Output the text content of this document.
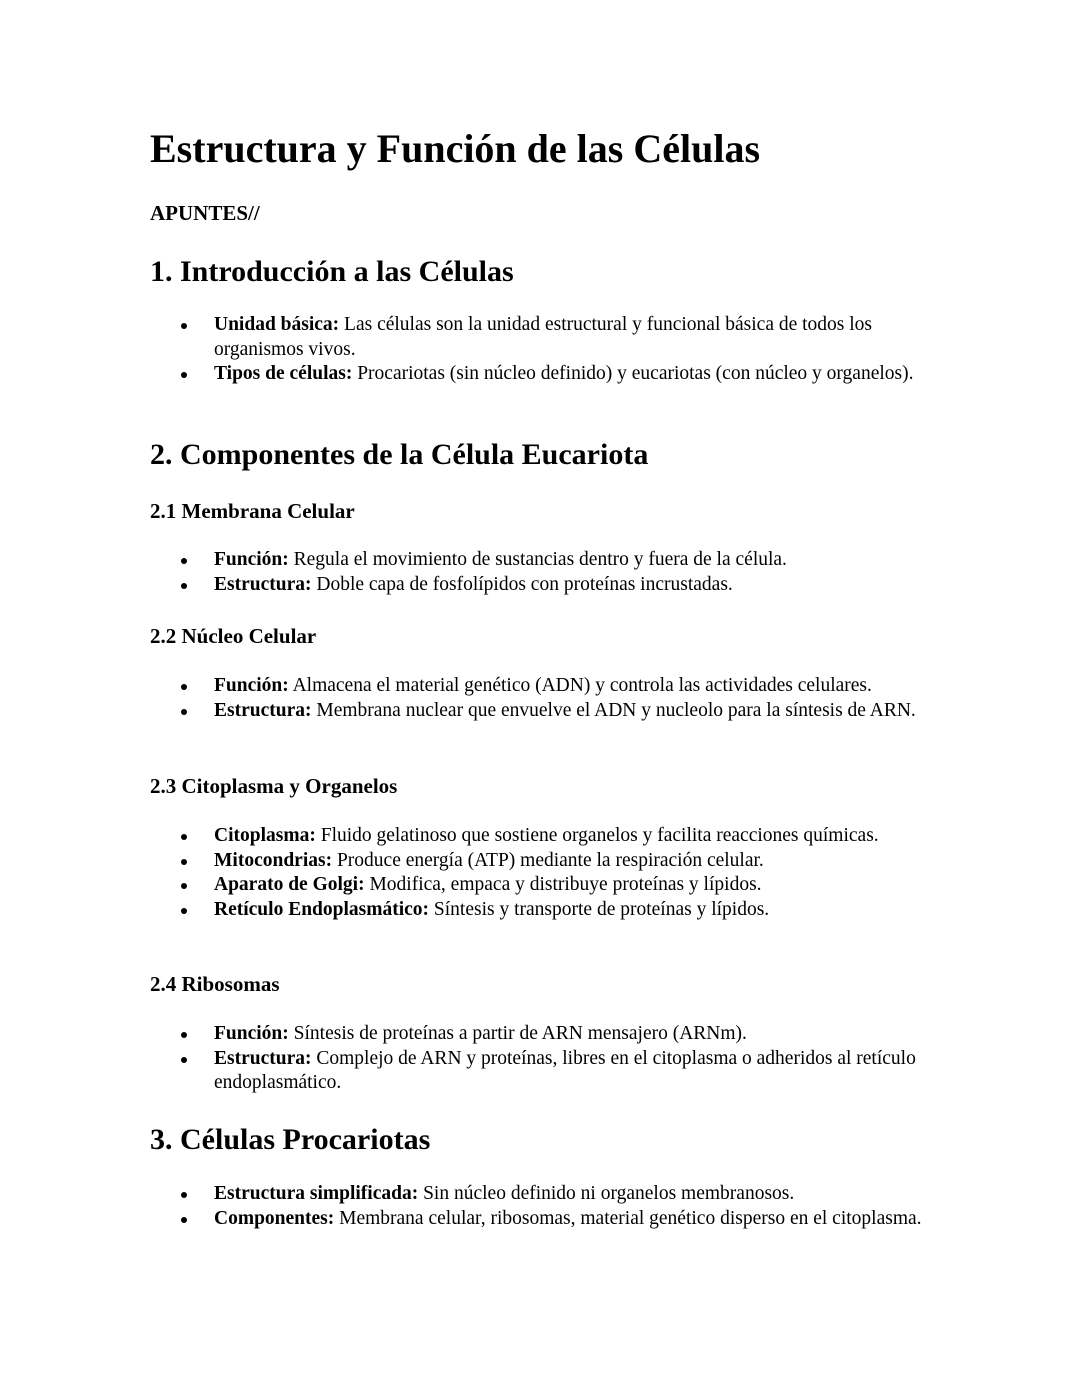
Estructura y Función de las Células

APUNTES//

1. Introducción a las Células
Unidad básica: Las células son la unidad estructural y funcional básica de todos los organismos vivos.
Tipos de células: Procariotas (sin núcleo definido) y eucariotas (con núcleo y organelos).
2. Componentes de la Célula Eucariota
2.1 Membrana Celular
Función: Regula el movimiento de sustancias dentro y fuera de la célula.
Estructura: Doble capa de fosfolípidos con proteínas incrustadas.
2.2 Núcleo Celular
Función: Almacena el material genético (ADN) y controla las actividades celulares.
Estructura: Membrana nuclear que envuelve el ADN y nucleolo para la síntesis de ARN.
2.3 Citoplasma y Organelos
Citoplasma: Fluido gelatinoso que sostiene organelos y facilita reacciones químicas.
Mitocondrias: Produce energía (ATP) mediante la respiración celular.
Aparato de Golgi: Modifica, empaca y distribuye proteínas y lípidos.
Retículo Endoplasmático: Síntesis y transporte de proteínas y lípidos.
2.4 Ribosomas
Función: Síntesis de proteínas a partir de ARN mensajero (ARNm).
Estructura: Complejo de ARN y proteínas, libres en el citoplasma o adheridos al retículo endoplasmático.
3. Células Procariotas
Estructura simplificada: Sin núcleo definido ni organelos membranosos.
Componentes: Membrana celular, ribosomas, material genético disperso en el citoplasma.
